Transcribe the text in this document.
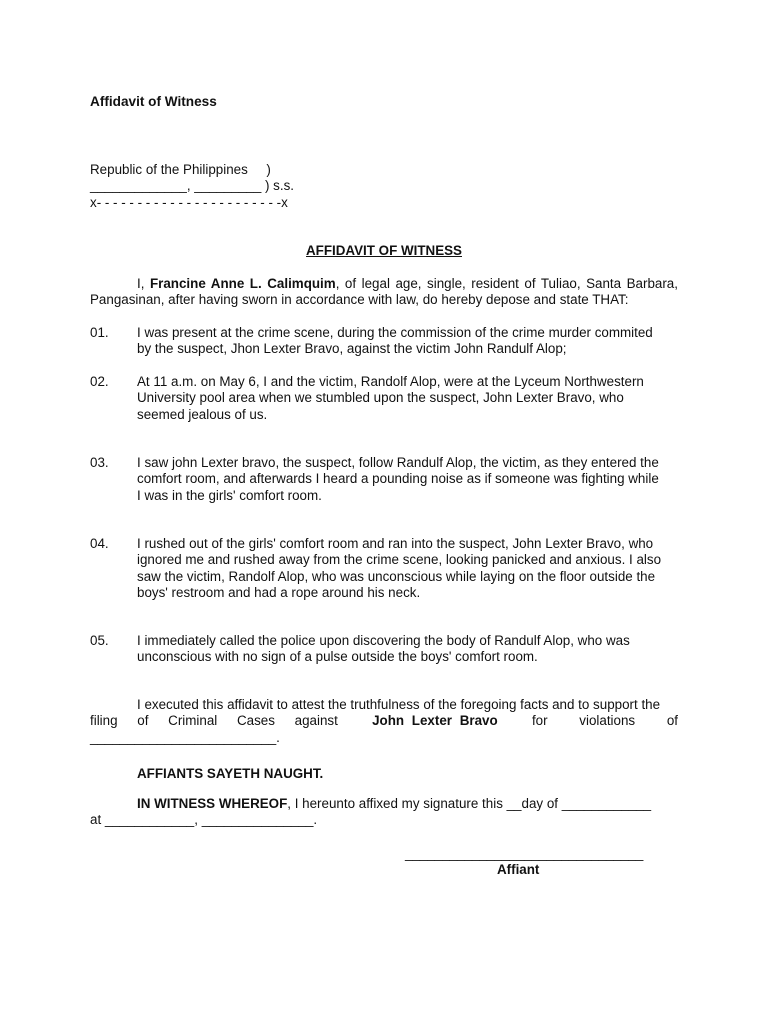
Affidavit of Witness
Republic of the Philippines     )
_____________, _________ ) s.s.
x- - - - - - - - - - - - - - - - - - - - - - -x
AFFIDAVIT OF WITNESS
I, Francine Anne L. Calimquim, of legal age, single, resident of Tuliao, Santa Barbara, Pangasinan, after having sworn in accordance with law, do hereby depose and state THAT:
01. I was present at the crime scene, during the commission of the crime murder commited
by the suspect, Jhon Lexter Bravo, against the victim John Randulf Alop;
02. At 11 a.m. on May 6, I and the victim, Randolf Alop, were at the Lyceum Northwestern
University pool area when we stumbled upon the suspect, John Lexter Bravo, who
seemed jealous of us.
03. I saw john Lexter bravo, the suspect, follow Randulf Alop, the victim, as they entered the
comfort room, and afterwards I heard a pounding noise as if someone was fighting while
I was in the girls' comfort room.
04. I rushed out of the girls' comfort room and ran into the suspect, John Lexter Bravo, who
ignored me and rushed away from the crime scene, looking panicked and anxious. I also
saw the victim, Randolf Alop, who was unconscious while laying on the floor outside the
boys' restroom and had a rope around his neck.
05. I immediately called the police upon discovering the body of Randulf Alop, who was
unconscious with no sign of a pulse outside the boys' comfort room.
I executed this affidavit to attest the truthfulness of the foregoing facts and to support the
filing of Criminal Cases against	John Lexter Bravo	for violations of
_________________________.
AFFIANTS SAYETH NAUGHT.
IN WITNESS WHEREOF, I hereunto affixed my signature this __day of ____________
at ____________, _______________.
________________________________
Affiant
